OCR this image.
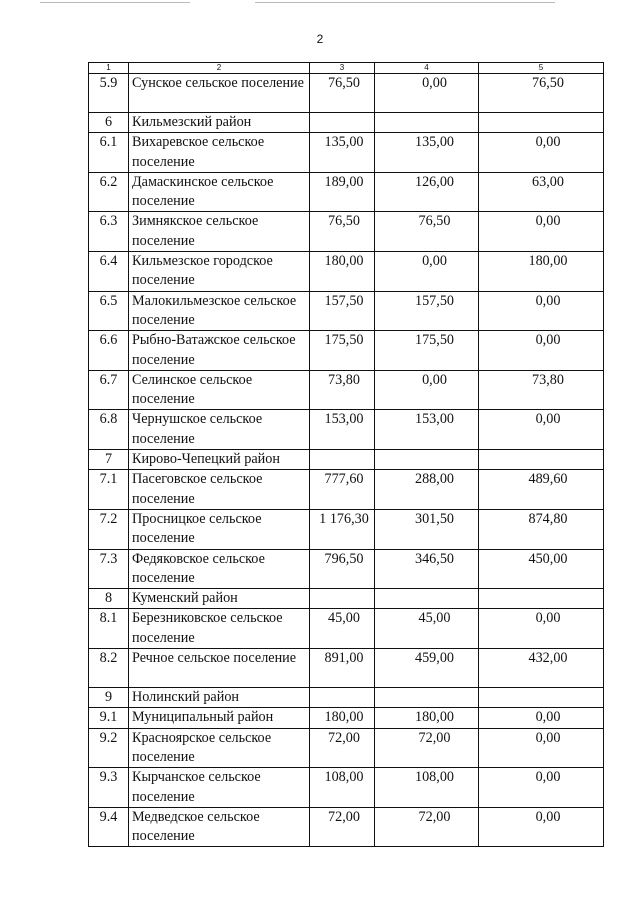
2
1	2	3	4	5
5.9	Сунское сельское поселение	76,50	0,00	76,50
6	Кильмезский район			
6.1	Вихаревское сельское поселение	135,00	135,00	0,00
6.2	Дамаскинское сельское поселение	189,00	126,00	63,00
6.3	Зимнякское сельское поселение	76,50	76,50	0,00
6.4	Кильмезское городское поселение	180,00	0,00	180,00
6.5	Малокильмезское сельское поселение	157,50	157,50	0,00
6.6	Рыбно-Ватажское сельское поселение	175,50	175,50	0,00
6.7	Селинское сельское поселение	73,80	0,00	73,80
6.8	Чернушское сельское поселение	153,00	153,00	0,00
7	Кирово-Чепецкий район			
7.1	Пасеговское сельское поселение	777,60	288,00	489,60
7.2	Просницкое сельское поселение	1 176,30	301,50	874,80
7.3	Федяковское сельское поселение	796,50	346,50	450,00
8	Куменский район			
8.1	Березниковское сельское поселение	45,00	45,00	0,00
8.2	Речное сельское поселение	891,00	459,00	432,00
9	Нолинский район			
9.1	Муниципальный район	180,00	180,00	0,00
9.2	Красноярское сельское поселение	72,00	72,00	0,00
9.3	Кырчанское сельское поселение	108,00	108,00	0,00
9.4	Медведское сельское поселение	72,00	72,00	0,00
